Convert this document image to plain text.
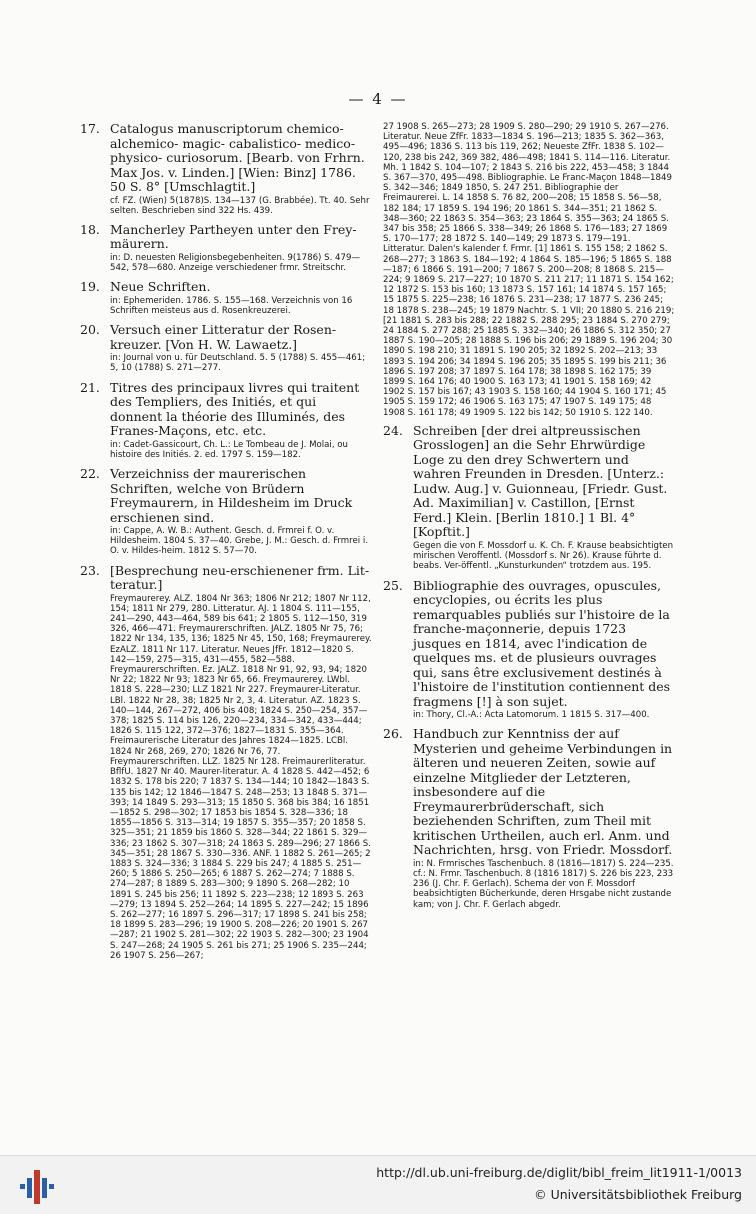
— 4 —
17. Catalogus manuscriptorum chemico-alchemico- magic- cabalistico- medico-physico- curiosorum. [Bearb. von Frhrn. Max Jos. v. Linden.] [Wien: Binz] 1786. 50 S. 8° [Umschlagtit.]
cf. FZ. (Wien) 5(1878)S. 134—137 (G. Brabbée). Tt. 40. Sehr selten. Beschrieben sind 322 Hs. 439.
18. Mancherley Partheyen unter den Frey-mäurern.
in: D. neuesten Religionsbegebenheiten. 9(1786) S. 479—542, 578—680. Anzeige verschiedener frmr. Streitschr.
19. Neue Schriften.
in: Ephemeriden. 1786. S. 155—168. Verzeichnis von 16 Schriften meisteus aus d. Rosenkreuzerei.
20. Versuch einer Litteratur der Rosen-kreuzer. [Von H. W. Lawaetz.]
in: Journal von u. für Deutschland. 5. 5 (1788) S. 455—461; 5, 10 (1788) S. 271—277.
21. Titres des principaux livres qui traitent des Templiers, des Initiés, et qui donnent la théorie des Illuminés, des Franes-Maçons, etc. etc.
in: Cadet-Gassicourt, Ch. L.: Le Tombeau de J. Molai, ou histoire des Initiés. 2. ed. 1797 S. 159—182.
22. Verzeichniss der maurerischen Schriften, welche von Brüdern Freymaurern, in Hildesheim im Druck erschienen sind.
in: Cappe, A. W. B.: Authent. Gesch. d. Frmrei f. O. v. Hildesheim. 1804 S. 37—40. Grebe, J. M.: Gesch. d. Frmrei i. O. v. Hildes-heim. 1812 S. 57—70.
23. [Besprechung neu-erschienener frm. Lit-teratur.]
Freymaurerey. ALZ. 1804 Nr 363; 1806 Nr 212; 1807 Nr 112, 154; 1811 Nr 279, 280. Litteratur. AJ. 1 1804 S. 111—155, 241—290, 443—464, 589 bis 641; 2 1805 S. 112—150, 319 326, 466—471. Freymaurerschriften. JALZ. 1805 Nr 75, 76; 1822 Nr 134, 135, 136; 1825 Nr 45, 150, 168; Freymaurerey. EzALZ. 1811 Nr 117. Literatur. Neues JfFr. 1812—1820 S. 142—159, 275—315, 431—455, 582—588. Freymaurerschriften. Ez. JALZ. 1818 Nr 91, 92, 93, 94; 1820 Nr 22; 1822 Nr 93; 1823 Nr 65, 66. Freymaurerey. LWbl. 1818 S. 228—230; LLZ 1821 Nr 227. Freymaurer-Literatur. LBl. 1822 Nr 28, 38; 1825 Nr 2, 3, 4. Literatur. AZ. 1823 S. 140—144, 267—272, 406 bis 408; 1824 S. 250—254, 357—378; 1825 S. 114 bis 126, 220—234, 334—342, 433—444; 1826 S. 115 122, 372—376; 1827—1831 S. 355—364. Freimaurerische Literatur des Jahres 1824—1825. LCBl. 1824 Nr 268, 269, 270; 1826 Nr 76, 77. Freymaurerschriften. LLZ. 1825 Nr 128. Freimaurerliteratur. BflfU. 1827 Nr 40. Maurer-literatur. A. 4 1828 S. 442—452; 6 1832 S. 178 bis 220; 7 1837 S. 134—144; 10 1842—1843 S. 135 bis 142; 12 1846—1847 S. 248—253; 13 1848 S. 371—393; 14 1849 S. 293—313; 15 1850 S. 368 bis 384; 16 1851—1852 S. 298—302; 17 1853 bis 1854 S. 328—336; 18 1855—1856 S. 313—314; 19 1857 S. 355—357; 20 1858 S. 325—351; 21 1859 bis 1860 S. 328—344; 22 1861 S. 329—336; 23 1862 S. 307—318; 24 1863 S. 289—296; 27 1866 S. 345—351; 28 1867 S. 330—336. ANF. 1 1882 S. 261—265; 2 1883 S. 324—336; 3 1884 S. 229 bis 247; 4 1885 S. 251—260; 5 1886 S. 250—265; 6 1887 S. 262—274; 7 1888 S. 274—287; 8 1889 S. 283—300; 9 1890 S. 268—282; 10 1891 S. 245 bis 256; 11 1892 S. 223—238; 12 1893 S. 263—279; 13 1894 S. 252—264; 14 1895 S. 227—242; 15 1896 S. 262—277; 16 1897 S. 296—317; 17 1898 S. 241 bis 258; 18 1899 S. 283—296; 19 1900 S. 208—226; 20 1901 S. 267—287; 21 1902 S. 281—302; 22 1903 S. 282—300; 23 1904 S. 247—268; 24 1905 S. 261 bis 271; 25 1906 S. 235—244; 26 1907 S. 256—267;
27 1908 S. 265—273; 28 1909 S. 280—290; 29 1910 S. 267—276. Literatur. Neue ZfFr. 1833—1834 S. 196—213; 1835 S. 362—363, 495—496; 1836 S. 113 bis 119, 262; Neueste ZfFr. 1838 S. 102—120, 238 bis 242, 369 382, 486—498; 1841 S. 114—116. Literatur. Mh. 1 1842 S. 104—107; 2 1843 S. 216 bis 222, 453—458; 3 1844 S. 367—370, 495—498. Bibliographie. Le Franc-Maçon 1848—1849 S. 342—346; 1849 1850, S. 247 251. Bibliographie der Freimaurerei. L. 14 1858 S. 76 82, 200—208; 15 1858 S. 56—58, 182 184; 17 1859 S. 194 196; 20 1861 S. 344—351; 21 1862 S. 348—360; 22 1863 S. 354—363; 23 1864 S. 355—363; 24 1865 S. 347 bis 358; 25 1866 S. 338—349; 26 1868 S. 176—183; 27 1869 S. 170—177; 28 1872 S. 140—149; 29 1873 S. 179—191. Litteratur. Dalen's kalender f. Frmr. [1] 1861 S. 155 158; 2 1862 S. 268—277; 3 1863 S. 184—192; 4 1864 S. 185—196; 5 1865 S. 188—187; 6 1866 S. 191—200; 7 1867 S. 200—208; 8 1868 S. 215—224; 9 1869 S. 217—227; 10 1870 S. 211 217; 11 1871 S. 154 162; 12 1872 S. 153 bis 160; 13 1873 S. 157 161; 14 1874 S. 157 165; 15 1875 S. 225—238; 16 1876 S. 231—238; 17 1877 S. 236 245; 18 1878 S. 238—245; 19 1879 Nachtr. S. 1 VII; 20 1880 S. 216 219; [21 1881 S. 283 bis 288; 22 1882 S. 288 295; 23 1884 S. 270 279; 24 1884 S. 277 288; 25 1885 S. 332—340; 26 1886 S. 312 350; 27 1887 S. 190—205; 28 1888 S. 196 bis 206; 29 1889 S. 196 204; 30 1890 S. 198 210; 31 1891 S. 190 205; 32 1892 S. 202—213; 33 1893 S. 194 206; 34 1894 S. 196 205; 35 1895 S. 199 bis 211; 36 1896 S. 197 208; 37 1897 S. 164 178; 38 1898 S. 162 175; 39 1899 S. 164 176; 40 1900 S. 163 173; 41 1901 S. 158 169; 42 1902 S. 157 bis 167; 43 1903 S. 158 160; 44 1904 S. 160 171; 45 1905 S. 159 172; 46 1906 S. 163 175; 47 1907 S. 149 175; 48 1908 S. 161 178; 49 1909 S. 122 bis 142; 50 1910 S. 122 140.
24. Schreiben [der drei altpreussischen Grosslogen] an die Sehr Ehrwürdige Loge zu den drey Schwertern und wahren Freunden in Dresden. [Unterz.: Ludw. Aug.] v. Guionneau, [Friedr. Gust. Ad. Maximilian] v. Castillon, [Ernst Ferd.] Klein. [Berlin 1810.] 1 Bl. 4° [Kopftit.]
Gegen die von F. Mossdorf u. K. Ch. F. Krause beabsichtigten mirischen Veroffentl. (Mossdorf s. Nr 26). Krause führte d. beabs. Ver-öffentl. „Kunsturkunden“ trotzdem aus. 195.
25. Bibliographie des ouvrages, opuscules, encyclopies, ou écrits les plus remarquables publiés sur l'histoire de la franche-maçonnerie, depuis 1723 jusques en 1814, avec l'indication de quelques ms. et de plusieurs ouvrages qui, sans être exclusivement destinés à l'histoire de l'institution contiennent des fragmens [!] à son sujet.
in: Thory, Cl.-A.: Acta Latomorum. 1 1815 S. 317—400.
26. Handbuch zur Kenntniss der auf Mysterien und geheime Verbindungen in älteren und neueren Zeiten, sowie auf einzelne Mitglieder der Letzteren, insbesondere auf die Freymaurerbrüderschaft, sich beziehenden Schriften, zum Theil mit kritischen Urtheilen, auch erl. Anm. und Nachrichten, hrsg. von Friedr. Mossdorf.
in: N. Frmrisches Taschenbuch. 8 (1816—1817) S. 224—235. cf.: N. Frmr. Taschenbuch. 8 (1816 1817) S. 226 bis 223, 233 236 (J. Chr. F. Gerlach). Schema der von F. Mossdorf beabsichtigten Bücherkunde, deren Hrsgabe nicht zustande kam; von J. Chr. F. Gerlach abgedr.
http://dl.ub.uni-freiburg.de/diglit/bibl_freim_lit1911-1/0013
© Universitätsbibliothek Freiburg
